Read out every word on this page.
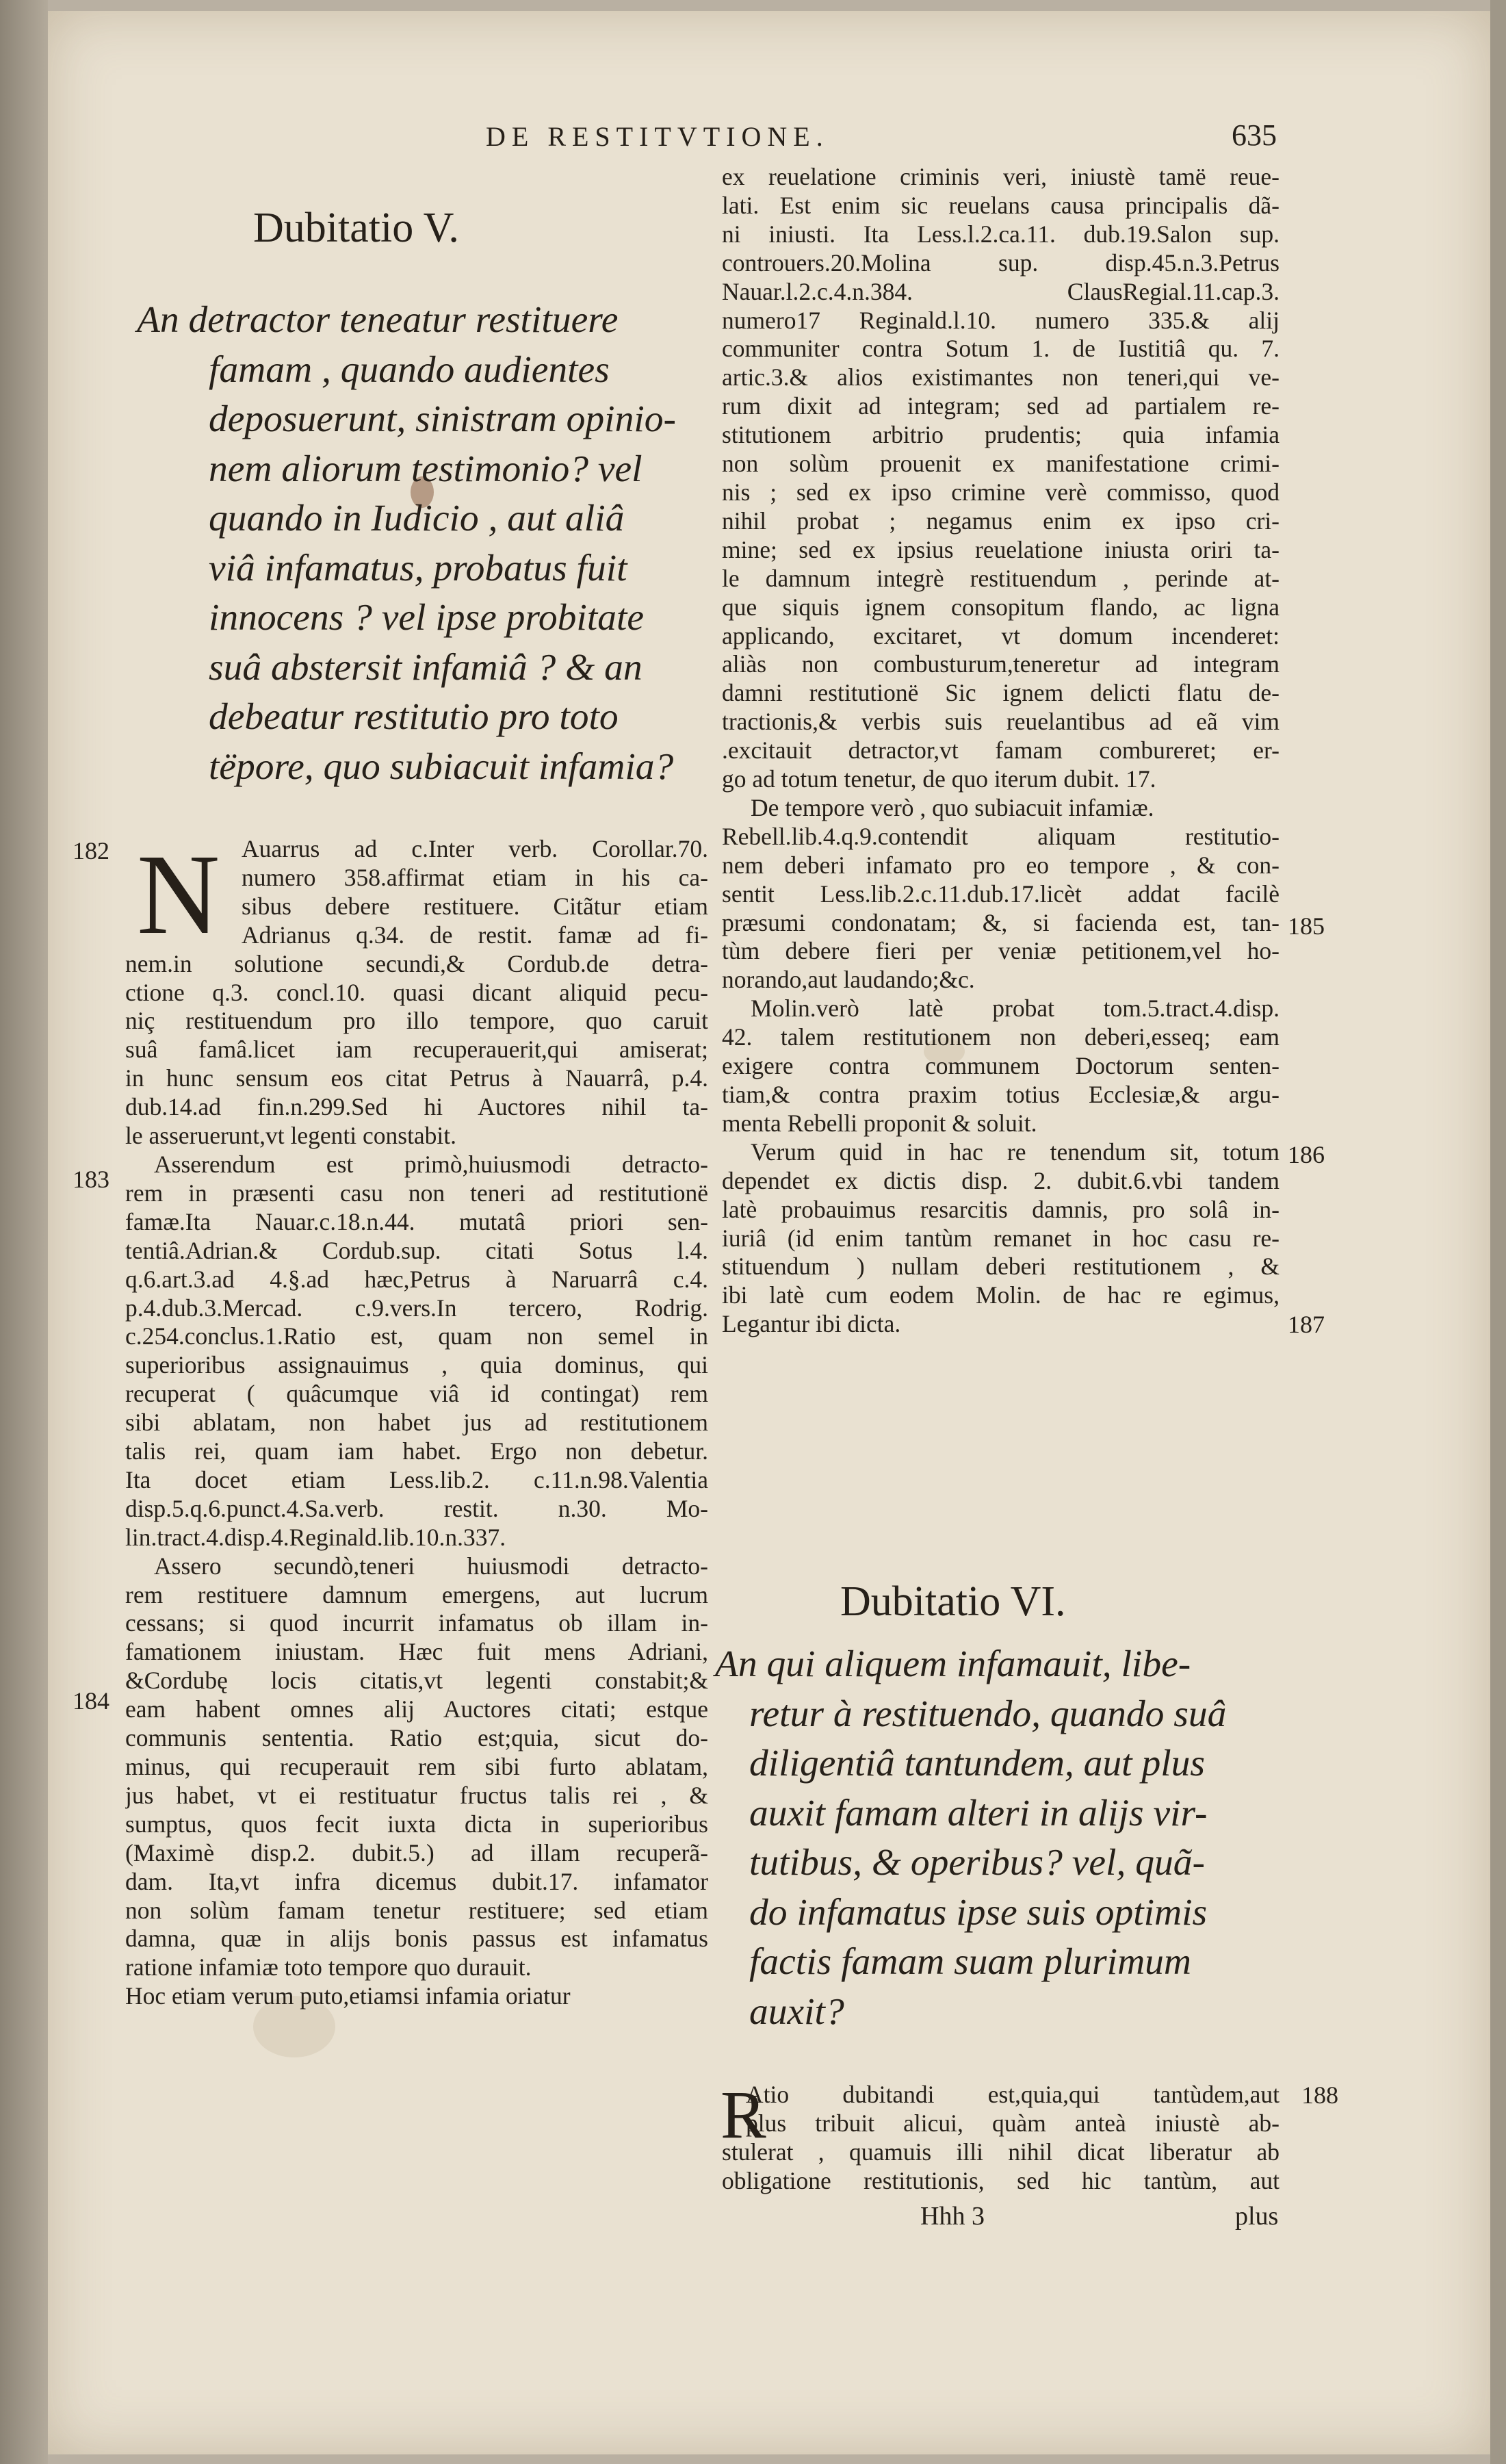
DE RESTITVTIONE.	635
Dubitatio V.
An detractor teneatur restituere
famam , quando audientes
deposuerunt, sinistram opinio-
nem aliorum testimonio? vel
quando in Iudicio , aut aliâ
viâ infamatus, probatus fuit
innocens ? vel ipse probitate
suâ abstersit infamiâ ? & an
debeatur restitutio pro toto
tëpore, quo subiacuit infamia?
N Auarrus ad c.Inter verb. Corollar.70.
numero 358.affirmat etiam in his ca-
sibus debere restituere. Citãtur etiam
Adrianus q.34. de restit. famæ ad fi-
nem.in solutione secundi,& Cordub.de detra-
ctione q.3. concl.10. quasi dicant aliquid pecu-
niç restituendum pro illo tempore, quo caruit
suâ famâ.licet iam recuperauerit,qui amiserat;
in hunc sensum eos citat Petrus à Nauarrâ, p.4.
dub.14.ad fin.n.299.Sed hi Auctores nihil ta-
le asseruerunt,vt legenti constabit.
Asserendum est primò,huiusmodi detracto-
rem in præsenti casu non teneri ad restitutionë
famæ.Ita Nauar.c.18.n.44. mutatâ priori sen-
tentiâ.Adrian.& Cordub.sup. citati Sotus l.4.
q.6.art.3.ad 4.§.ad hæc,Petrus à Naruarrâ c.4.
p.4.dub.3.Mercad. c.9.vers.In tercero, Rodrig.
c.254.conclus.1.Ratio est, quam non semel in
superioribus assignauimus , quia dominus, qui
recuperat ( quâcumque viâ id contingat) rem
sibi ablatam, non habet jus ad restitutionem
talis rei, quam iam habet. Ergo non debetur.
Ita docet etiam Less.lib.2. c.11.n.98.Valentia
disp.5.q.6.punct.4.Sa.verb. restit. n.30. Mo-
lin.tract.4.disp.4.Reginald.lib.10.n.337.
Assero secundò,teneri huiusmodi detracto-
rem restituere damnum emergens, aut lucrum
cessans; si quod incurrit infamatus ob illam in-
famationem iniustam. Hæc fuit mens Adriani,
&Cordubę locis citatis,vt legenti constabit;&
eam habent omnes alij Auctores citati; estque
communis sententia. Ratio est;quia, sicut do-
minus, qui recuperauit rem sibi furto ablatam,
jus habet, vt ei restituatur fructus talis rei , &
sumptus, quos fecit iuxta dicta in superioribus
(Maximè disp.2. dubit.5.) ad illam recuperã-
dam. Ita,vt infra dicemus dubit.17. infamator
non solùm famam tenetur restituere; sed etiam
damna, quæ in alijs bonis passus est infamatus
ratione infamiæ toto tempore quo durauit.
Hoc etiam verum puto,etiamsi infamia oriatur
182
183
184
ex reuelatione criminis veri, iniustè tamë reue-
lati. Est enim sic reuelans causa principalis dã-
ni iniusti. Ita Less.l.2.ca.11. dub.19.Salon sup.
controuers.20.Molina sup. disp.45.n.3.Petrus
Nauar.l.2.c.4.n.384. ClausRegial.11.cap.3.
numero17 Reginald.l.10. numero 335.& alij
communiter contra Sotum 1. de Iustitiâ qu. 7.
artic.3.& alios existimantes non teneri,qui ve-
rum dixit ad integram; sed ad partialem re-
stitutionem arbitrio prudentis; quia infamia
non solùm prouenit ex manifestatione crimi-
nis ; sed ex ipso crimine verè commisso, quod
nihil probat ; negamus enim ex ipso cri-
mine; sed ex ipsius reuelatione iniusta oriri ta-
le damnum integrè restituendum , perinde at-
que siquis ignem consopitum flando, ac ligna
applicando, excitaret, vt domum incenderet:
aliàs non combusturum,teneretur ad integram
damni restitutionë Sic ignem delicti flatu de-
tractionis,& verbis suis reuelantibus ad eã vim
.excitauit detractor,vt famam combureret; er-
go ad totum tenetur, de quo iterum dubit. 17.
De tempore verò , quo subiacuit infamiæ.
Rebell.lib.4.q.9.contendit aliquam restitutio-
nem deberi infamato pro eo tempore , & con-
sentit Less.lib.2.c.11.dub.17.licèt addat facilè
præsumi condonatam; &, si facienda est, tan-
tùm debere fieri per veniæ petitionem,vel ho-
norando,aut laudando;&c.
Molin.verò latè probat tom.5.tract.4.disp.
42. talem restitutionem non deberi,esseq; eam
exigere contra communem Doctorum senten-
tiam,& contra praxim totius Ecclesiæ,& argu-
menta Rebelli proponit & soluit.
Verum quid in hac re tenendum sit, totum
dependet ex dictis disp. 2. dubit.6.vbi tandem
latè probauimus resarcitis damnis, pro solâ in-
iuriâ (id enim tantùm remanet in hoc casu re-
stituendum ) nullam deberi restitutionem , &
ibi latè cum eodem Molin. de hac re egimus,
Legantur ibi dicta.
185
186
187
Dubitatio VI.
An qui aliquem infamauit, libe-
retur à restituendo, quando suâ
diligentiâ tantundem, aut plus
auxit famam alteri in alijs vir-
tutibus, & operibus? vel, quã-
do infamatus ipse suis optimis
factis famam suam plurimum
auxit?
R
Atio dubitandi est,quia,qui tantùdem,aut
plus tribuit alicui, quàm anteà iniustè ab-
stulerat , quamuis illi nihil dicat liberatur ab
obligatione restitutionis, sed hic tantùm, aut
188
Hhh 3	plus
